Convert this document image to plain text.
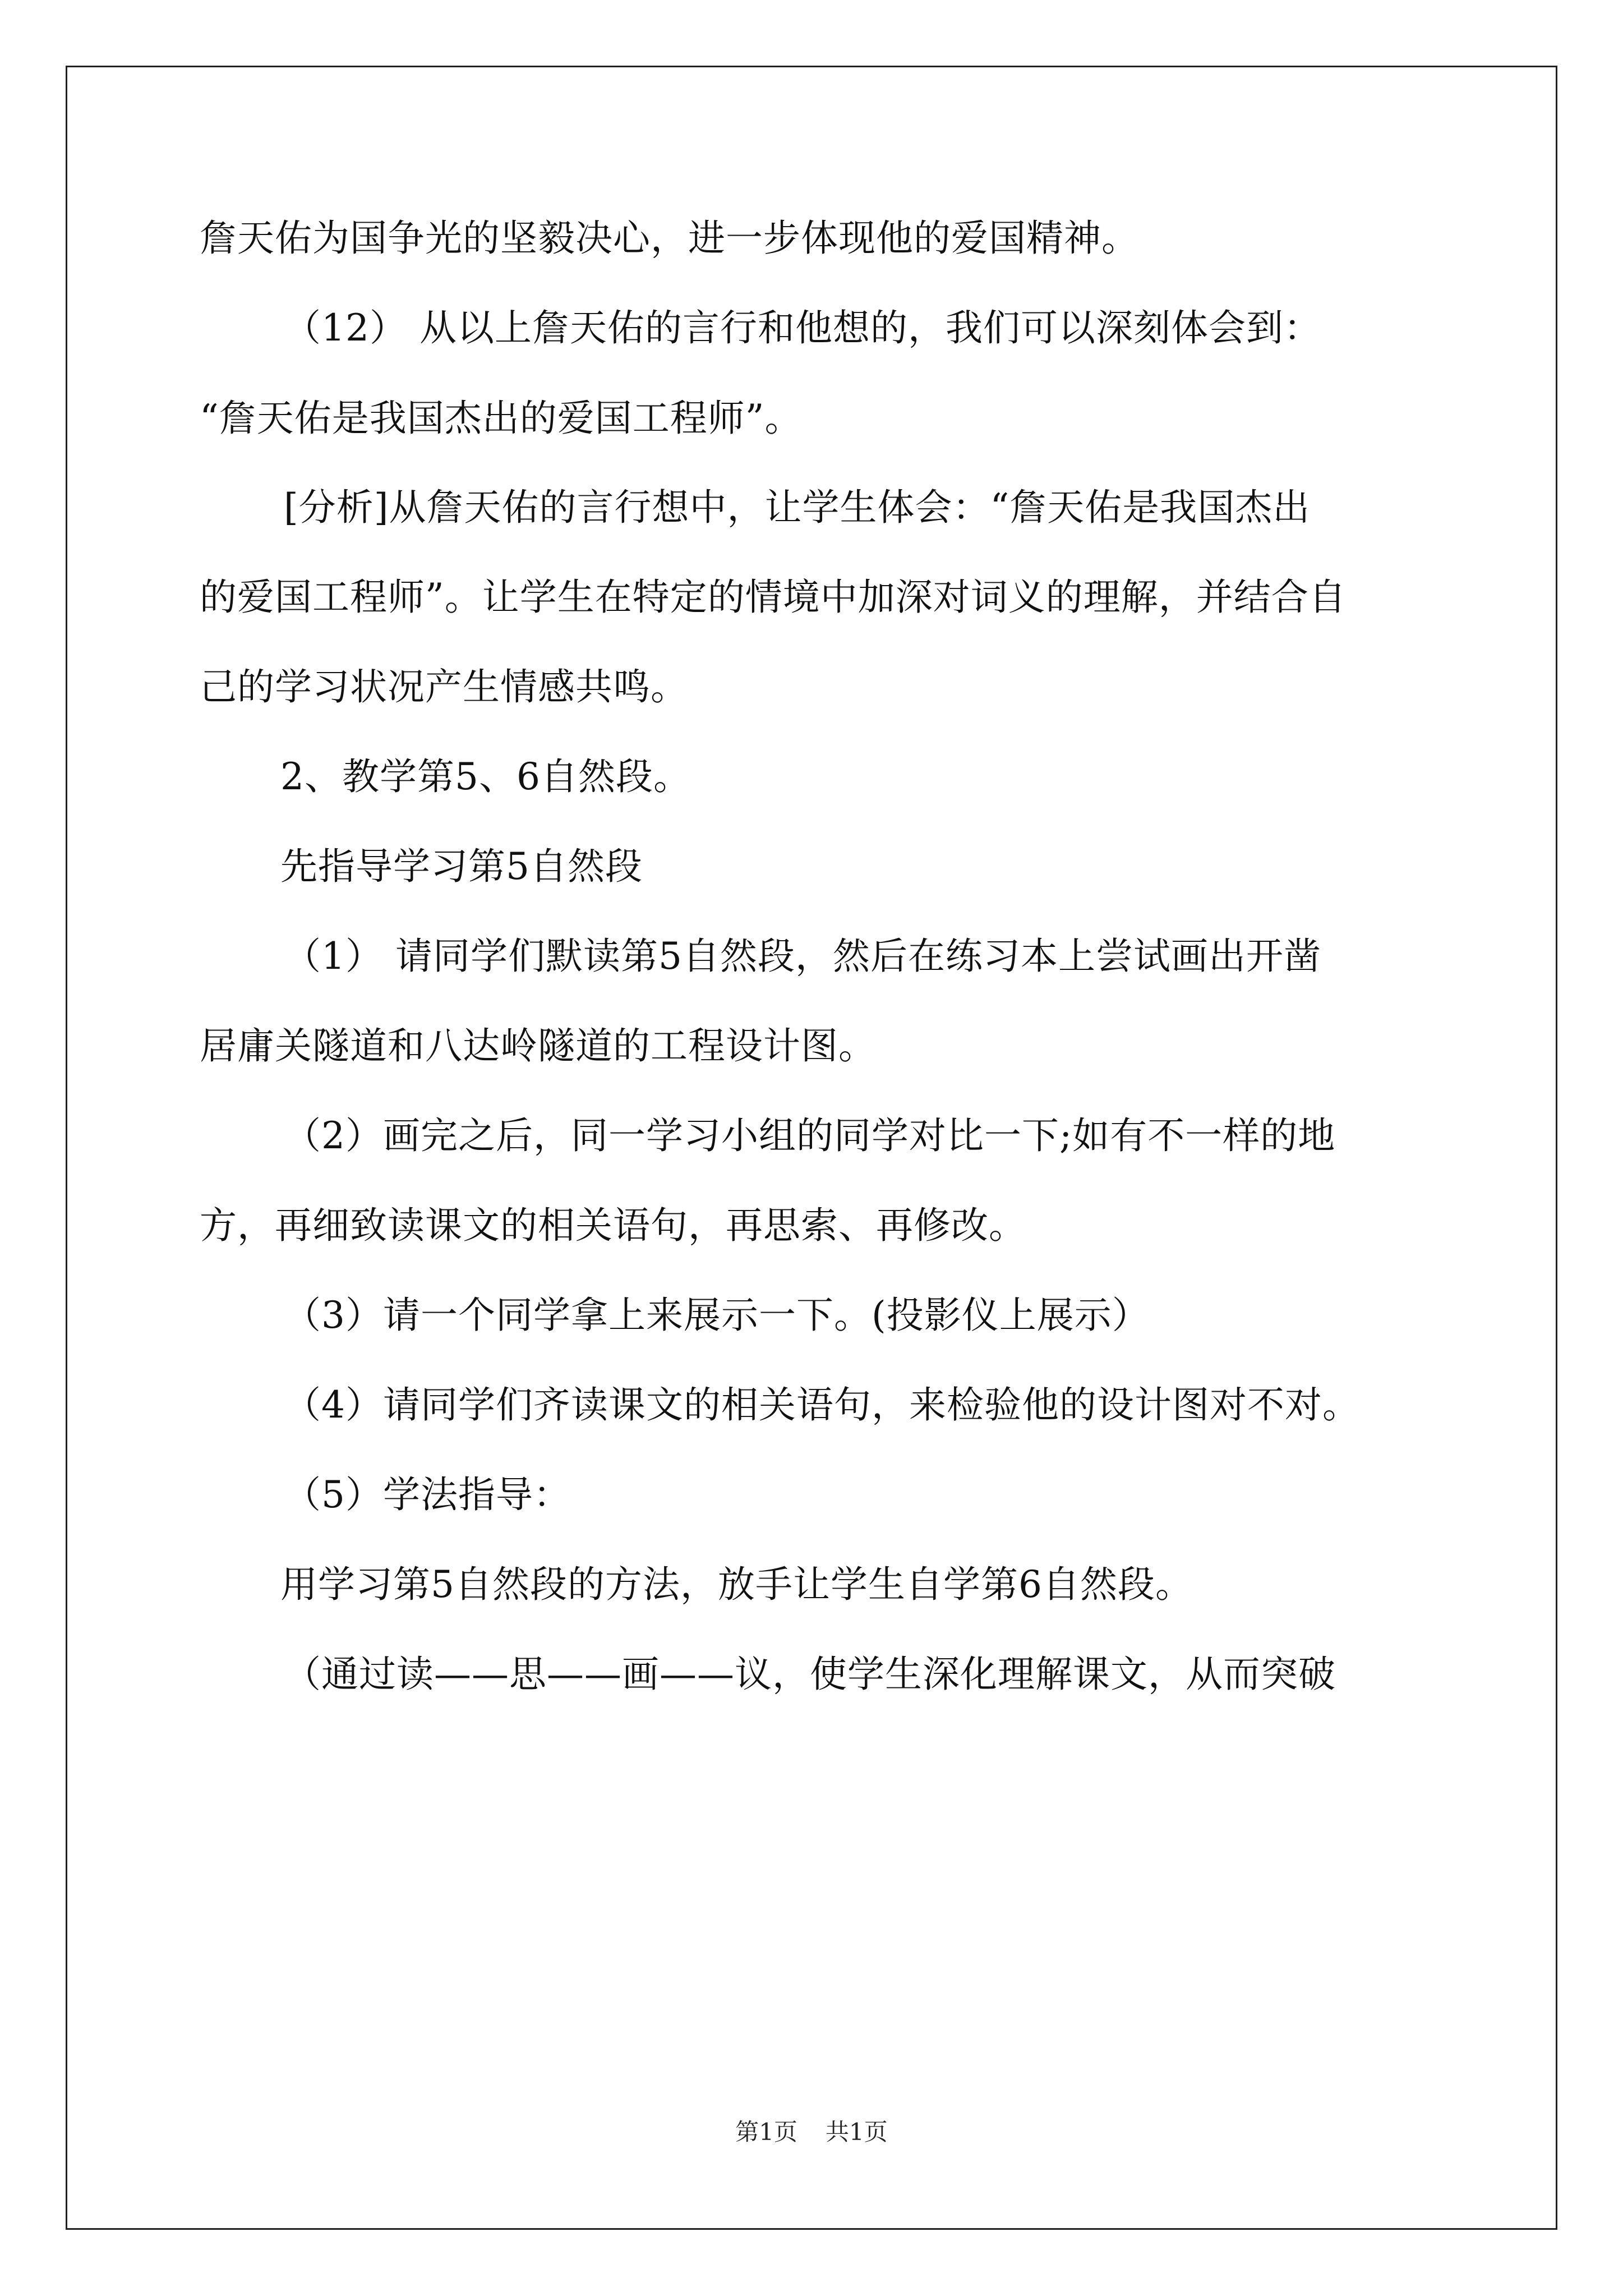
詹天佑为国争光的坚毅决心，进一步体现他的爱国精神。
（12） 从以上詹天佑的言行和他想的，我们可以深刻体会到：
“詹天佑是我国杰出的爱国工程师”。
[分析]从詹天佑的言行想中，让学生体会：“詹天佑是我国杰出
的爱国工程师”。让学生在特定的情境中加深对词义的理解，并结合自
己的学习状况产生情感共鸣。
2、教学第5、6自然段。
先指导学习第5自然段
（1） 请同学们默读第5自然段，然后在练习本上尝试画出开凿
居庸关隧道和八达岭隧道的工程设计图。
（2）画完之后，同一学习小组的同学对比一下;如有不一样的地
方，再细致读课文的相关语句，再思索、再修改。
（3）请一个同学拿上来展示一下。(投影仪上展示）
（4）请同学们齐读课文的相关语句，来检验他的设计图对不对。
（5）学法指导：
用学习第5自然段的方法，放手让学生自学第6自然段。
（通过读——思——画——议，使学生深化理解课文，从而突破
第1页 共1页
